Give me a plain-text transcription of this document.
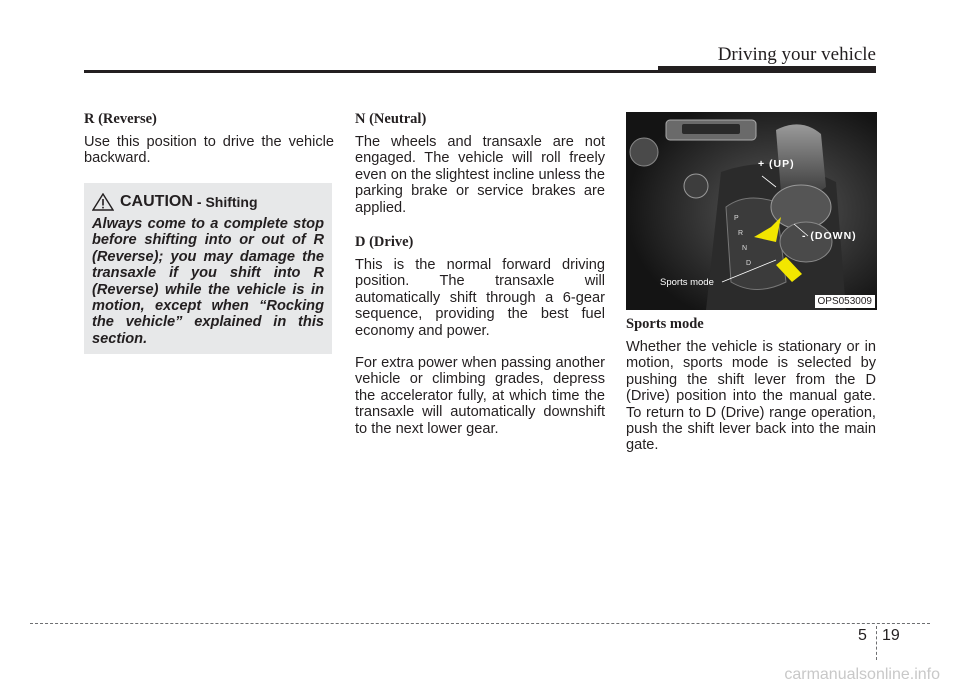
Driving your vehicle

R (Reverse)

Use this position to drive the vehicle backward.

CAUTION - Shifting

Always come to a complete stop before shifting into or out of R (Reverse); you may damage the transaxle if you shift into R (Reverse) while the vehicle is in motion, except when “Rocking the vehicle” explained in this section.

N (Neutral)

The wheels and transaxle are not engaged. The vehicle will roll freely even on the slightest incline unless the parking brake or service brakes are applied.

D (Drive)

This is the normal forward driving position. The transaxle will automatically shift through a 6-gear sequence, providing the best fuel economy and power.

For extra power when passing another vehicle or climbing grades, depress the accelerator fully, at which time the transaxle will automatically downshift to the next lower gear.

P
R
N
D
+ (UP)
- (DOWN)
Sports mode
OPS053009

Sports mode

Whether the vehicle is stationary or in motion, sports mode is selected by pushing the shift lever from the D (Drive) position into the manual gate. To return to D (Drive) range operation, push the shift lever back into the main gate.

5 19
carmanualsonline.info
